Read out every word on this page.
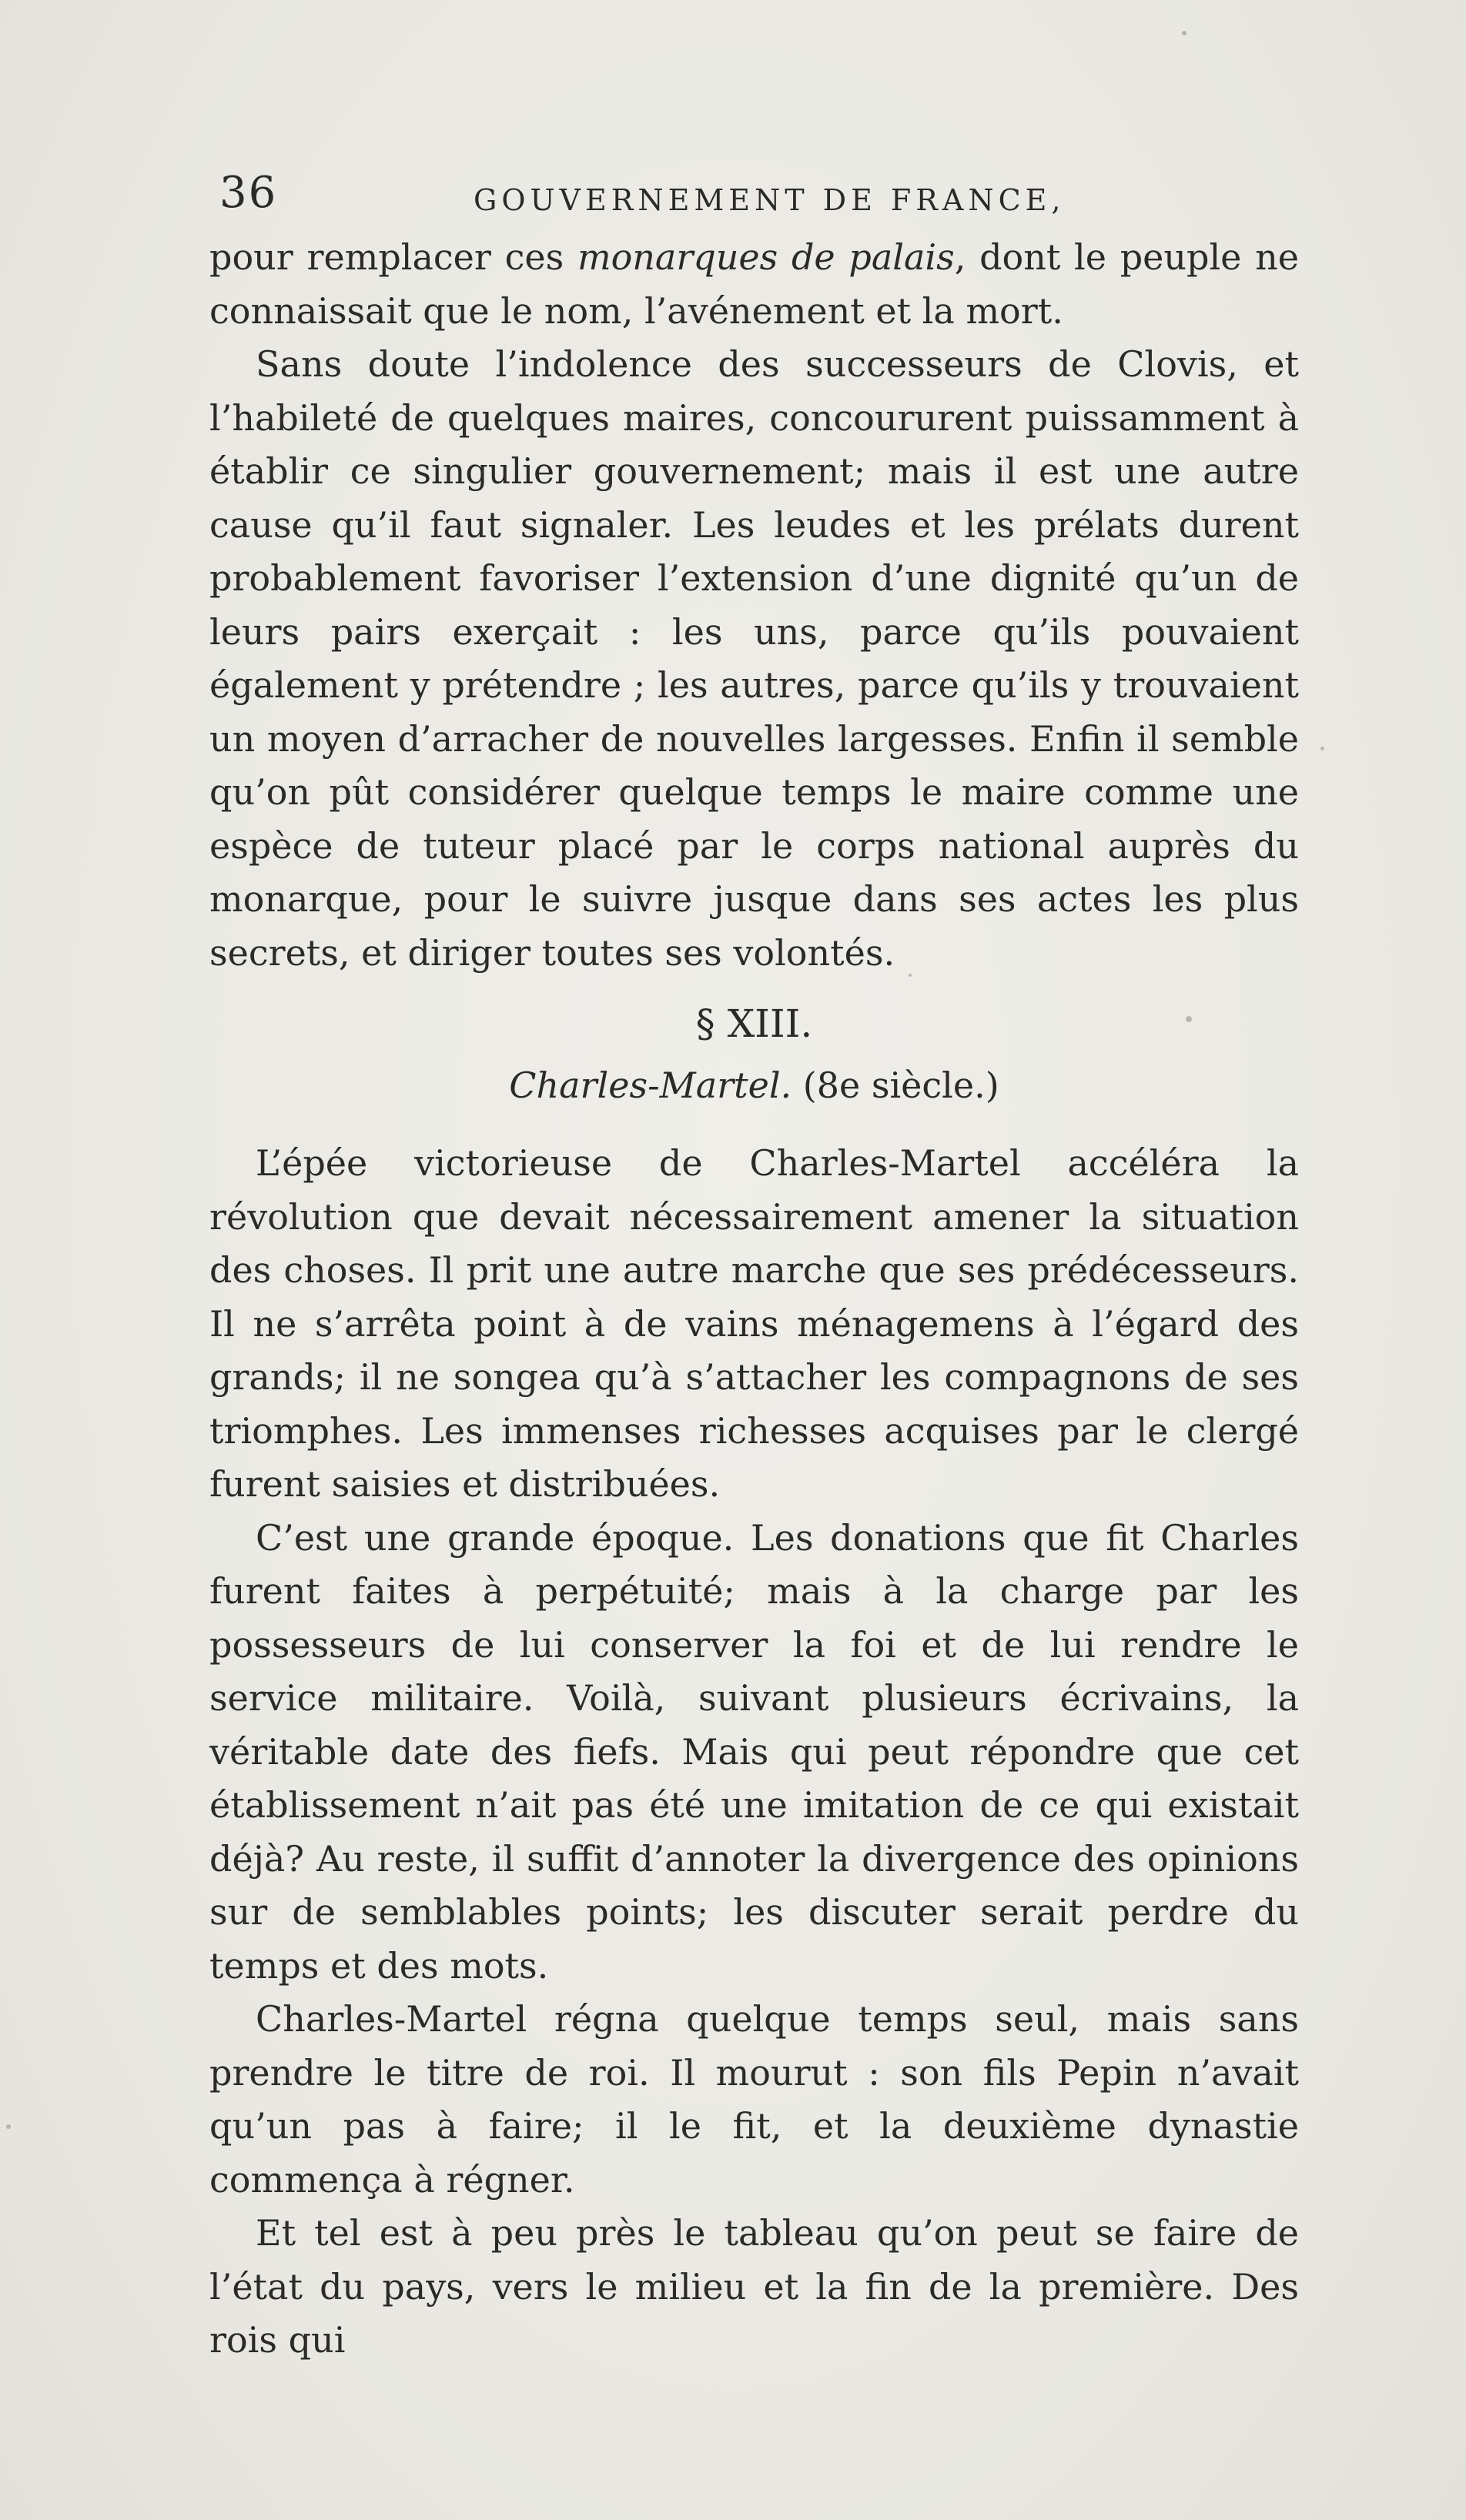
36	GOUVERNEMENT DE FRANCE,

pour remplacer ces monarques de palais, dont le peuple ne connaissait que le nom, l’avénement et la mort.

Sans doute l’indolence des successeurs de Clovis, et l’habileté de quelques maires, concoururent puissamment à établir ce singulier gouvernement; mais il est une autre cause qu’il faut signaler. Les leudes et les prélats durent probablement favoriser l’extension d’une dignité qu’un de leurs pairs exerçait : les uns, parce qu’ils pouvaient également y prétendre ; les autres, parce qu’ils y trouvaient un moyen d’arracher de nouvelles largesses. Enfin il semble qu’on pût considérer quelque temps le maire comme une espèce de tuteur placé par le corps national auprès du monarque, pour le suivre jusque dans ses actes les plus secrets, et diriger toutes ses volontés.

§ XIII.
Charles-Martel. (8e siècle.)

L’épée victorieuse de Charles-Martel accéléra la révolution que devait nécessairement amener la situation des choses. Il prit une autre marche que ses prédécesseurs. Il ne s’arrêta point à de vains ménagemens à l’égard des grands; il ne songea qu’à s’attacher les compagnons de ses triomphes. Les immenses richesses acquises par le clergé furent saisies et distribuées.

C’est une grande époque. Les donations que fit Charles furent faites à perpétuité; mais à la charge par les possesseurs de lui conserver la foi et de lui rendre le service militaire. Voilà, suivant plusieurs écrivains, la véritable date des fiefs. Mais qui peut répondre que cet établissement n’ait pas été une imitation de ce qui existait déjà? Au reste, il suffit d’annoter la divergence des opinions sur de semblables points; les discuter serait perdre du temps et des mots.

Charles-Martel régna quelque temps seul, mais sans prendre le titre de roi. Il mourut : son fils Pepin n’avait qu’un pas à faire; il le fit, et la deuxième dynastie commença à régner.

Et tel est à peu près le tableau qu’on peut se faire de l’état du pays, vers le milieu et la fin de la première. Des rois qui
